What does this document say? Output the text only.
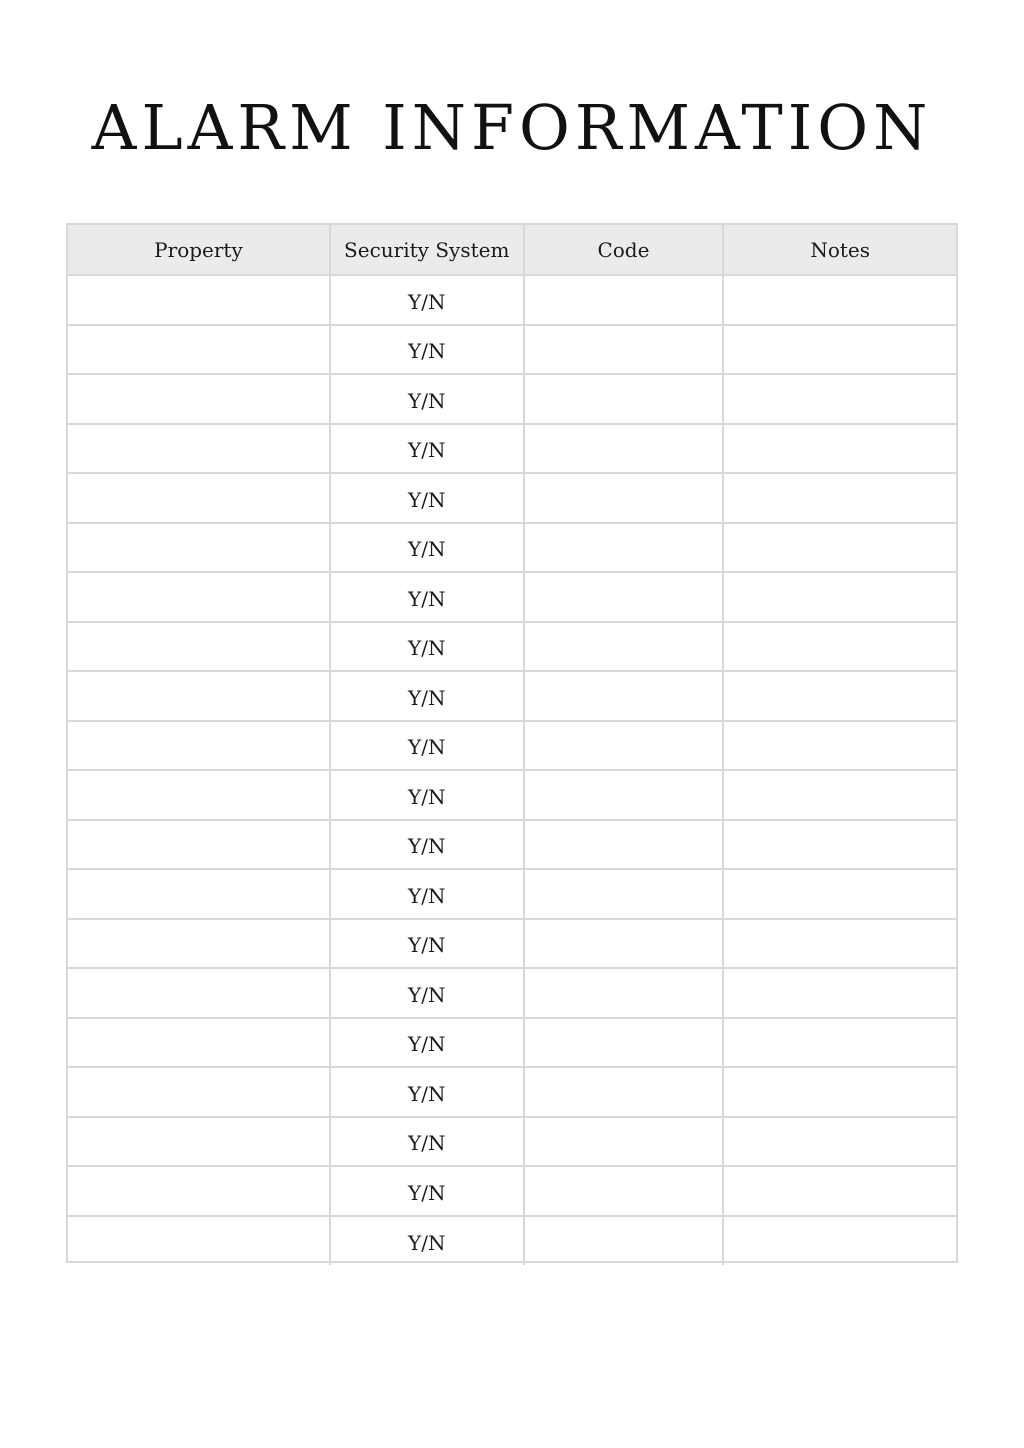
ALARM INFORMATION
Property	Security System	Code	Notes
	Y/N		
	Y/N		
	Y/N		
	Y/N		
	Y/N		
	Y/N		
	Y/N		
	Y/N		
	Y/N		
	Y/N		
	Y/N		
	Y/N		
	Y/N		
	Y/N		
	Y/N		
	Y/N		
	Y/N		
	Y/N		
	Y/N		
	Y/N		
